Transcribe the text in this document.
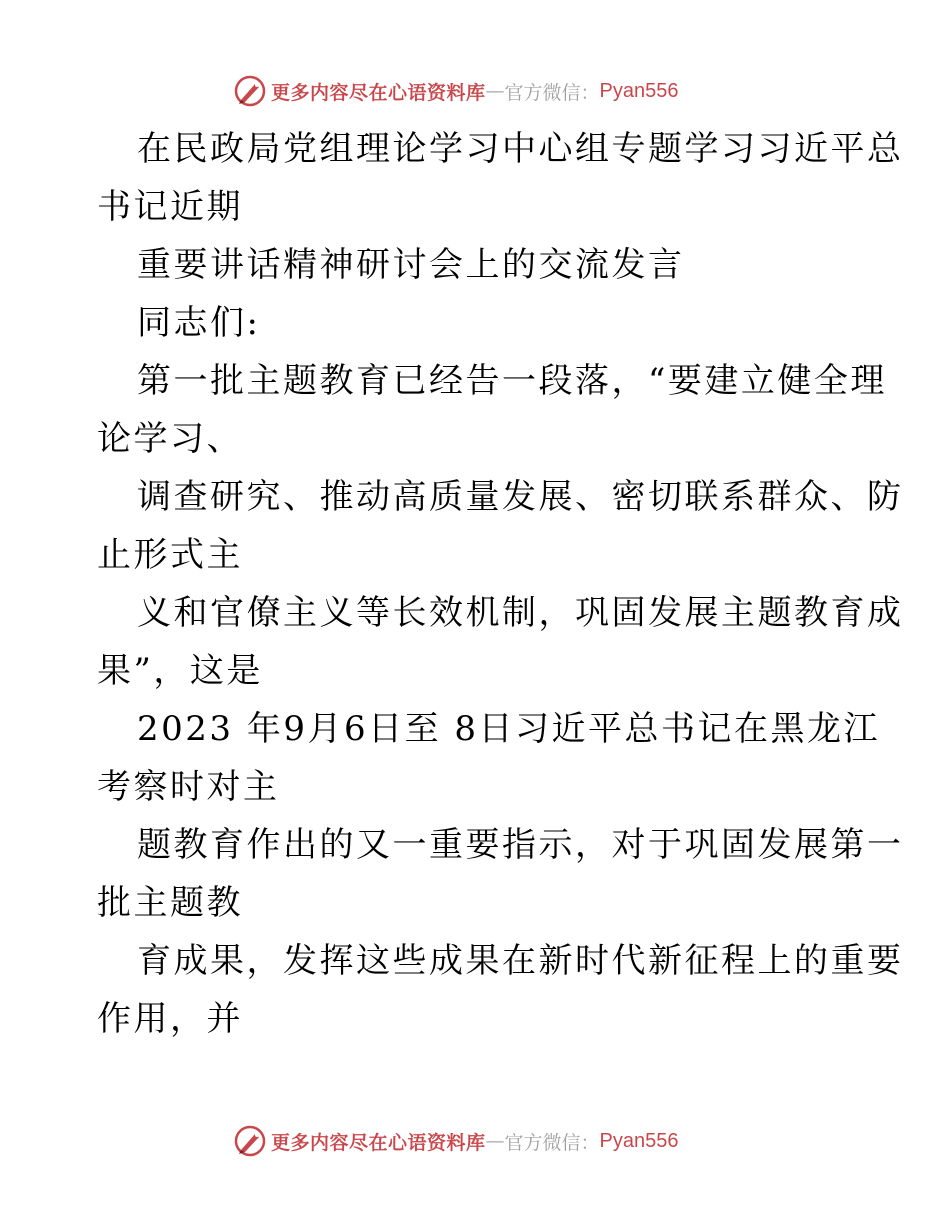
更多内容尽在心语资料库 — 官方微信： Pyan556
在民政局党组理论学习中心组专题学习习近平总
书记近期
重要讲话精神研讨会上的交流发言
同志们:
第一批主题教育已经告一段落，“要建立健全理
论学习、
调查研究、推动高质量发展、密切联系群众、防
止形式主
义和官僚主义等长效机制，巩固发展主题教育成
果”，这是
2023 年9月6日至 8日习近平总书记在黑龙江
考察时对主
题教育作出的又一重要指示，对于巩固发展第一
批主题教
育成果，发挥这些成果在新时代新征程上的重要
作用，并
更多内容尽在心语资料库 — 官方微信： Pyan556
